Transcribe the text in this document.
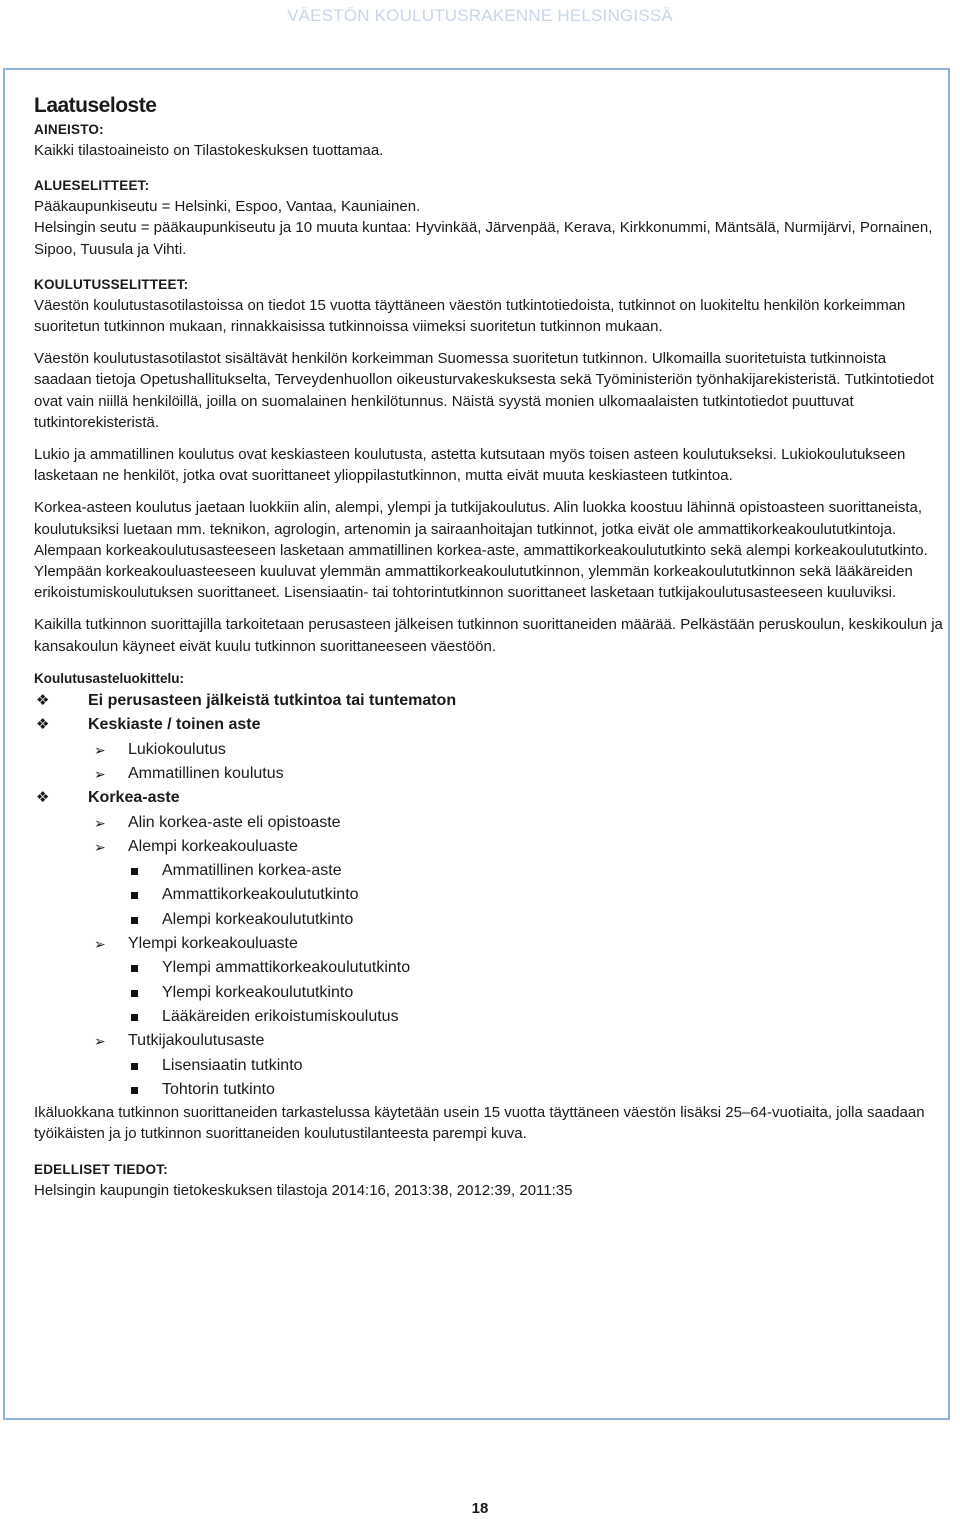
VÄESTÖN KOULUTUSRAKENNE HELSINGISSÄ

Laatuseloste

AINEISTO:

Kaikki tilastoaineisto on Tilastokeskuksen tuottamaa.

ALUESELITTEET:

Pääkaupunkiseutu = Helsinki, Espoo, Vantaa, Kauniainen.

Helsingin seutu = pääkaupunkiseutu ja 10 muuta kuntaa: Hyvinkää, Järvenpää, Kerava, Kirkkonummi, Mäntsälä, Nurmijärvi, Pornainen, Sipoo, Tuusula ja Vihti.

KOULUTUSSELITTEET:

Väestön koulutustasotilastoissa on tiedot 15 vuotta täyttäneen väestön tutkintotiedoista, tutkinnot on luokiteltu henkilön korkeimman suoritetun tutkinnon mukaan, rinnakkaisissa tutkinnoissa viimeksi suoritetun tutkinnon mukaan.

Väestön koulutustasotilastot sisältävät henkilön korkeimman Suomessa suoritetun tutkinnon. Ulkomailla suoritetuista tutkinnoista saadaan tietoja Opetushallitukselta, Terveydenhuollon oikeusturvakeskuksesta sekä Työministeriön työnhakijarekisteristä. Tutkintotiedot ovat vain niillä henkilöillä, joilla on suomalainen henkilötunnus. Näistä syystä monien ulkomaalaisten tutkintotiedot puuttuvat tutkintorekisteristä.

Lukio ja ammatillinen koulutus ovat keskiasteen koulutusta, astetta kutsutaan myös toisen asteen koulutukseksi. Lukiokoulutukseen lasketaan ne henkilöt, jotka ovat suorittaneet ylioppilastutkinnon, mutta eivät muuta keskiasteen tutkintoa.

Korkea-asteen koulutus jaetaan luokkiin alin, alempi, ylempi ja tutkijakoulutus. Alin luokka koostuu lähinnä opistoasteen suorittaneista, koulutuksiksi luetaan mm. teknikon, agrologin, artenomin ja sairaanhoitajan tutkinnot, jotka eivät ole ammattikorkeakoulututkintoja. Alempaan korkeakoulutusasteeseen lasketaan ammatillinen korkea-aste, ammattikorkeakoulututkinto sekä alempi korkeakoulututkinto. Ylempään korkeakouluasteeseen kuuluvat ylemmän ammattikorkeakoulututkinnon, ylemmän korkeakoulututkinnon sekä lääkäreiden erikoistumiskoulutuksen suorittaneet. Lisensiaatin- tai tohtorintutkinnon suorittaneet lasketaan tutkijakoulutusasteeseen kuuluviksi.

Kaikilla tutkinnon suorittajilla tarkoitetaan perusasteen jälkeisen tutkinnon suorittaneiden määrää. Pelkästään peruskoulun, keskikoulun ja kansakoulun käyneet eivät kuulu tutkinnon suorittaneeseen väestöön.

Koulutusasteluokittelu:

❖	Ei perusasteen jälkeistä tutkintoa tai tuntematon
❖	Keskiaste / toinen aste
➢	Lukiokoulutus
➢	Ammatillinen koulutus
❖	Korkea-aste
➢	Alin korkea-aste eli opistoaste
➢	Alempi korkeakouluaste
Ammatillinen korkea-aste
Ammattikorkeakoulututkinto
Alempi korkeakoulututkinto
➢	Ylempi korkeakouluaste
Ylempi ammattikorkeakoulututkinto
Ylempi korkeakoulututkinto
Lääkäreiden erikoistumiskoulutus
➢	Tutkijakoulutusaste
Lisensiaatin tutkinto
Tohtorin tutkinto

Ikäluokkana tutkinnon suorittaneiden tarkastelussa käytetään usein 15 vuotta täyttäneen väestön lisäksi 25–64-vuotiaita, jolla saadaan työikäisten ja jo tutkinnon suorittaneiden koulutustilanteesta parempi kuva.

EDELLISET TIEDOT:

Helsingin kaupungin tietokeskuksen tilastoja 2014:16, 2013:38, 2012:39, 2011:35

18
